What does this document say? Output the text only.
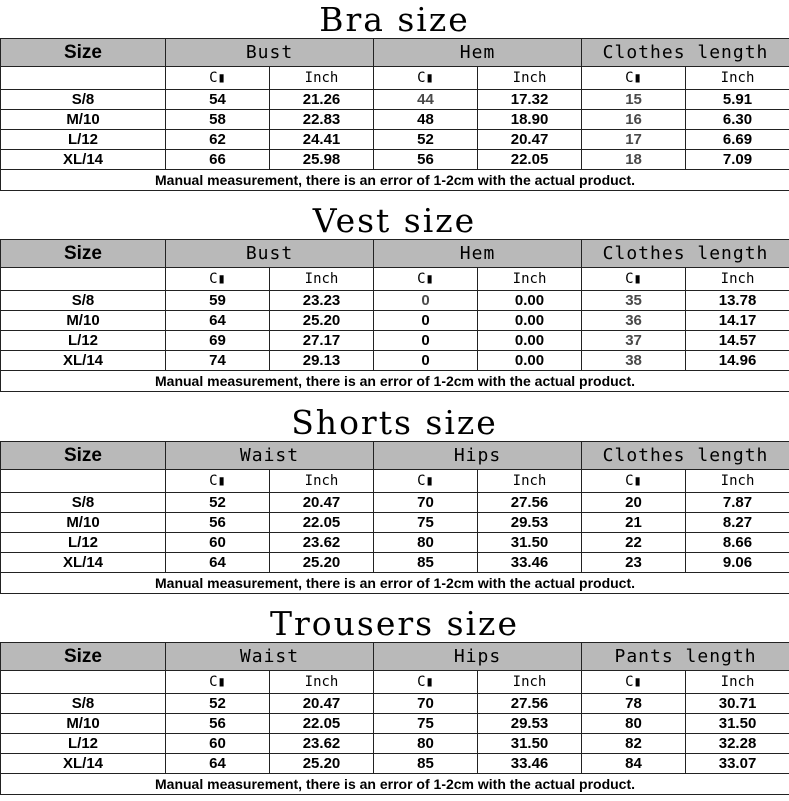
Bra size
Size	Bust		Hem		Clothes length	
	C▮	Inch	C▮	Inch	C▮	Inch
S/8	54	21.26	44	17.32	15	5.91
M/10	58	22.83	48	18.90	16	6.30
L/12	62	24.41	52	20.47	17	6.69
XL/14	66	25.98	56	22.05	18	7.09
Manual measurement, there is an error of 1-2cm with the actual product.						
Vest size
Size	Bust		Hem		Clothes length	
	C▮	Inch	C▮	Inch	C▮	Inch
S/8	59	23.23	0	0.00	35	13.78
M/10	64	25.20	0	0.00	36	14.17
L/12	69	27.17	0	0.00	37	14.57
XL/14	74	29.13	0	0.00	38	14.96
Manual measurement, there is an error of 1-2cm with the actual product.						
Shorts size
Size	Waist		Hips		Clothes length	
	C▮	Inch	C▮	Inch	C▮	Inch
S/8	52	20.47	70	27.56	20	7.87
M/10	56	22.05	75	29.53	21	8.27
L/12	60	23.62	80	31.50	22	8.66
XL/14	64	25.20	85	33.46	23	9.06
Manual measurement, there is an error of 1-2cm with the actual product.						
Trousers size
Size	Waist		Hips		Pants length	
	C▮	Inch	C▮	Inch	C▮	Inch
S/8	52	20.47	70	27.56	78	30.71
M/10	56	22.05	75	29.53	80	31.50
L/12	60	23.62	80	31.50	82	32.28
XL/14	64	25.20	85	33.46	84	33.07
Manual measurement, there is an error of 1-2cm with the actual product.						
